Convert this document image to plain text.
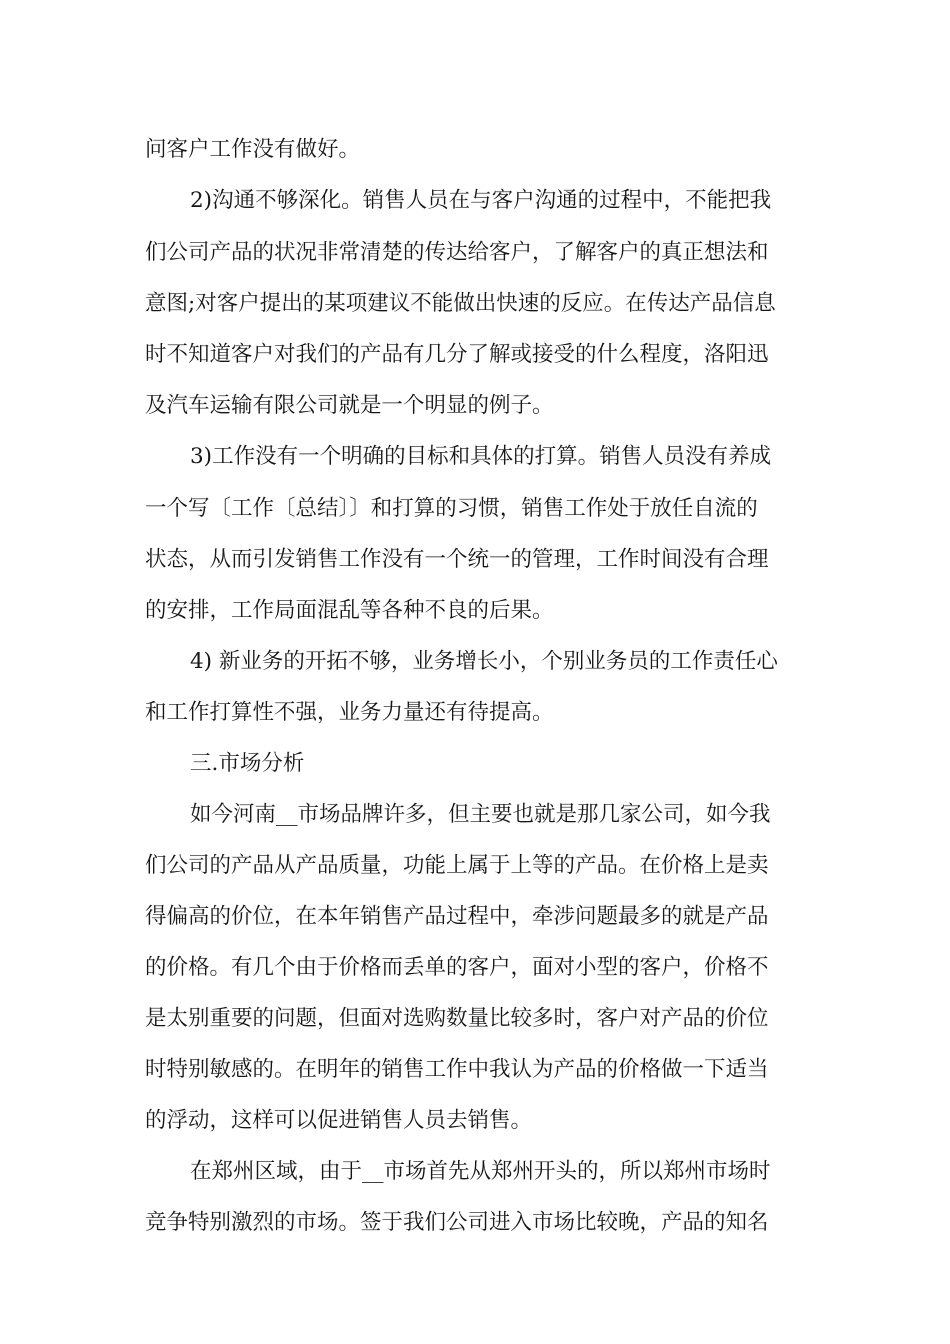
问客户工作没有做好。
2)沟通不够深化。销售人员在与客户沟通的过程中，不能把我
们公司产品的状况非常清楚的传达给客户，了解客户的真正想法和
意图;对客户提出的某项建议不能做出快速的反应。在传达产品信息
时不知道客户对我们的产品有几分了解或接受的什么程度，洛阳迅
及汽车运输有限公司就是一个明显的例子。
3)工作没有一个明确的目标和具体的打算。销售人员没有养成
一个写〔工作〔总结〕〕和打算的习惯，销售工作处于放任自流的
状态，从而引发销售工作没有一个统一的管理，工作时间没有合理
的安排，工作局面混乱等各种不良的后果。
4) 新业务的开拓不够，业务增长小，个别业务员的工作责任心
和工作打算性不强，业务力量还有待提高。
三.市场分析
如今河南__市场品牌许多，但主要也就是那几家公司，如今我
们公司的产品从产品质量，功能上属于上等的产品。在价格上是卖
得偏高的价位，在本年销售产品过程中，牵涉问题最多的就是产品
的价格。有几个由于价格而丢单的客户，面对小型的客户，价格不
是太别重要的问题，但面对选购数量比较多时，客户对产品的价位
时特别敏感的。在明年的销售工作中我认为产品的价格做一下适当
的浮动，这样可以促进销售人员去销售。
在郑州区域，由于__市场首先从郑州开头的，所以郑州市场时
竞争特别激烈的市场。签于我们公司进入市场比较晚，产品的知名
